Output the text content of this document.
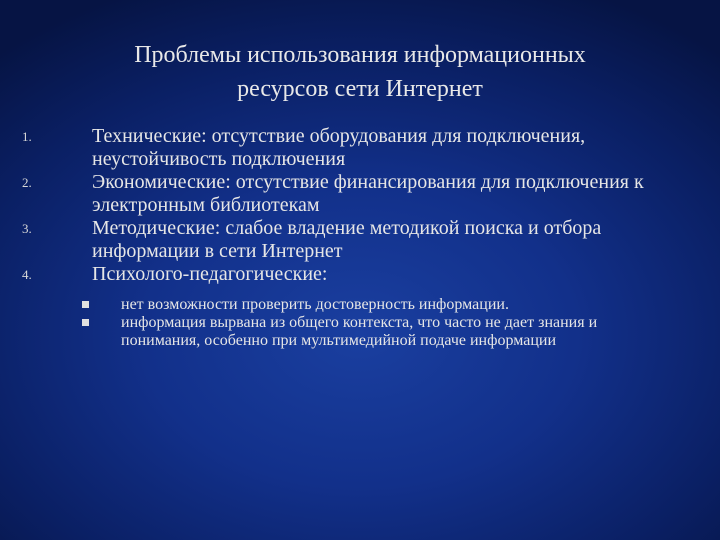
Проблемы использования информационных
ресурсов сети Интернет
1.	Технические: отсутствие оборудования для подключения, неустойчивость подключения
2.	Экономические: отсутствие финансирования для подключения к электронным библиотекам
3.	Методические: слабое владение методикой поиска и отбора информации в сети Интернет
4.	Психолого-педагогические:
нет возможности проверить достоверность информации.
информация вырвана из общего контекста, что часто не дает знания и понимания, особенно при мультимедийной подаче информации
